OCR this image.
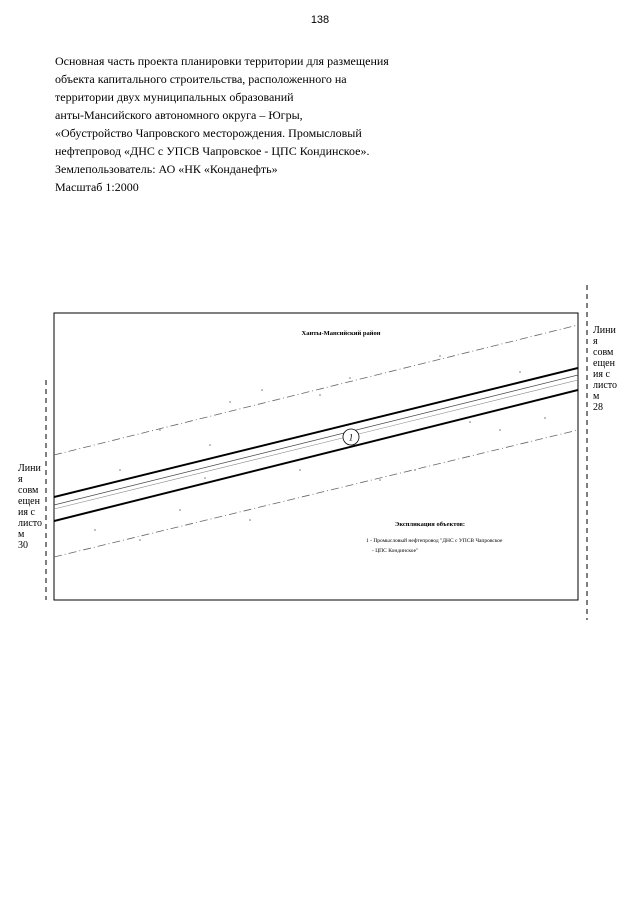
138
Основная часть проекта планировки территории для размещения
объекта капитального строительства, расположенного на
территории двух муниципальных образований
анты-Мансийского автономного округа – Югры,
«Обустройство Чапровского месторождения. Промысловый
нефтепровод «ДНС с УПСВ Чапровское - ЦПС Кондинское».
Землепользователь: АО «НК «Конданефть»
Масштаб 1:2000
1
Ханты-Мансийский район
Экспликация объектов:
1 - Промысловый нефтепровод "ДНС с УПСВ Чапровское
- ЦПС Кондинское"
Лини
я
совм
ещен
ия с
листо
м
28
Лини
я
совм
ещен
ия с
листо
м
30
